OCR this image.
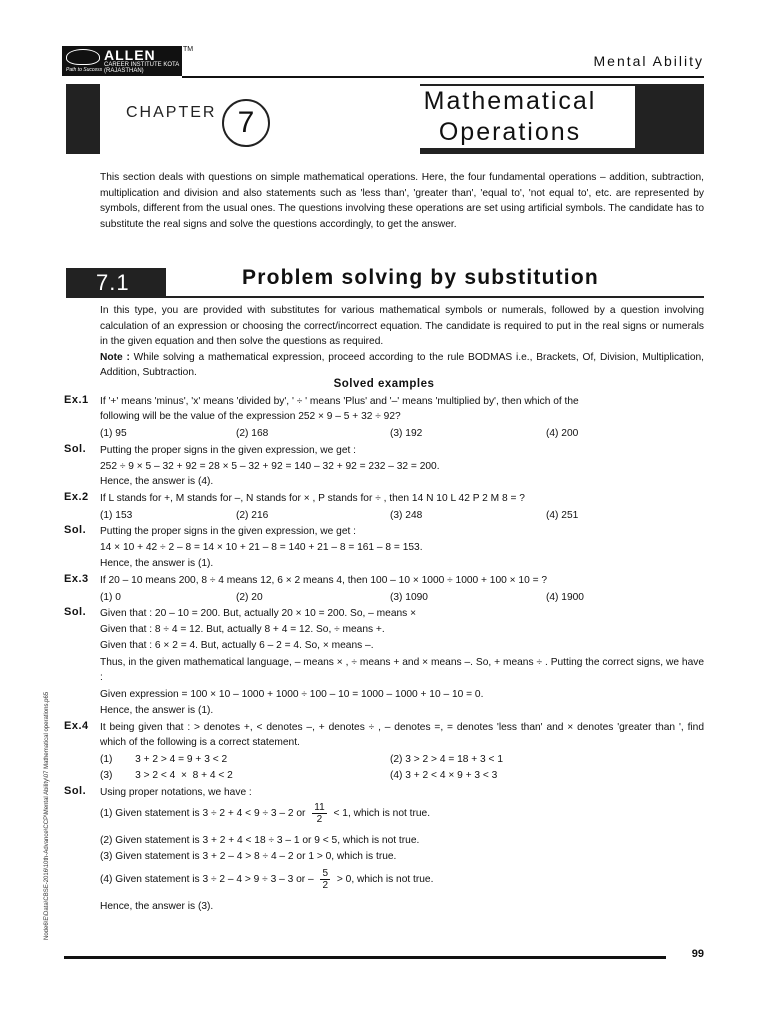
ALLEN
CAREER INSTITUTE KOTA (RAJASTHAN)
Path to Success
TM
Mental Ability
CHAPTER 7
Mathematical
Operations
This section deals with questions on simple mathematical operations. Here, the four fundamental operations – addition, subtraction, multiplication and division and also statements such as 'less than', 'greater than', 'equal to', 'not equal to', etc. are represented by symbols, different from the usual ones. The questions involving these operations are set using artificial symbols. The candidate has to substitute the real signs and solve the questions accordingly, to get the answer.
7.1	Problem solving by substitution
In this type, you are provided with substitutes for various mathematical symbols or numerals, followed by a question involving calculation of an expression or choosing the correct/incorrect equation. The candidate is required to put in the real signs or numerals in the given equation and then solve the questions as required.
Note : While solving a mathematical expression, proceed according to the rule BODMAS i.e., Brackets, Of, Division, Multiplication, Addition, Subtraction.
Solved examples
Ex.1 If '+' means 'minus', 'x' means 'divided by', ' ÷ ' means 'Plus' and '–' means 'multiplied by', then which of the
following will be the value of the expression 252 × 9 – 5 + 32 ÷ 92?
(1) 95	(2) 168	(3) 192	(4) 200
Sol. Putting the proper signs in the given expression, we get :
252 ÷ 9 × 5 – 32 + 92 = 28 × 5 – 32 + 92 = 140 – 32 + 92 = 232 – 32 = 200.
Hence, the answer is (4).
Ex.2 If L stands for +, M stands for –, N stands for × , P stands for ÷ , then 14 N 10 L 42 P 2 M 8 = ?
(1) 153	(2) 216	(3) 248	(4) 251
Sol. Putting the proper signs in the given expression, we get :
14 × 10 + 42 ÷ 2 – 8 = 14 × 10 + 21 – 8 = 140 + 21 – 8 = 161 – 8 = 153.
Hence, the answer is (1).
Ex.3 If 20 – 10 means 200, 8 ÷ 4 means 12, 6 × 2 means 4, then 100 – 10 × 1000 ÷ 1000 + 100 × 10 = ?
(1) 0	(2) 20	(3) 1090	(4) 1900
Sol. Given that : 20 – 10 = 200. But, actually 20 × 10 = 200. So, – means ×
Given that : 8 ÷ 4 = 12. But, actually 8 + 4 = 12. So, ÷ means +.
Given that : 6 × 2 = 4. But, actually 6 – 2 = 4. So, × means –.
Thus, in the given mathematical language, – means × , ÷ means + and × means –. So, + means ÷ . Putting the correct signs, we have :
Given expression = 100 × 10 – 1000 + 1000 ÷ 100 – 10 = 1000 – 1000 + 10 – 10 = 0.
Hence, the answer is (1).
Ex.4 It being given that : > denotes +, < denotes –, + denotes ÷ , – denotes =, = denotes 'less than' and × denotes 'greater than ', find which of the following is a correct statement.
(1)        3 + 2 > 4 = 9 + 3 < 2	(2) 3 > 2 > 4 = 18 + 3 < 1
(3)        3 > 2 < 4  ×  8 + 4 < 2	(4) 3 + 2 < 4 × 9 + 3 < 3
Sol. Using proper notations, we have :
(1) Given statement is 3 ÷ 2 + 4 < 9 ÷ 3 – 2 or $\frac{11}{2} < 1$, which is not true.
(2) Given statement is 3 + 2 + 4 < 18 ÷ 3 – 1 or 9 < 5, which is not true.
(3) Given statement is 3 + 2 – 4 > 8 ÷ 4 – 2 or 1 > 0, which is true.
(4) Given statement is 3 ÷ 2 – 4 > 9 ÷ 3 – 3 or – $\frac{5}{2} > 0$, which is not true.
Hence, the answer is (3).
Node6\E\Data\CBSE-2016\10th-Advance\CCP\Mental Ability\07 Mathematical operations.p65
99
